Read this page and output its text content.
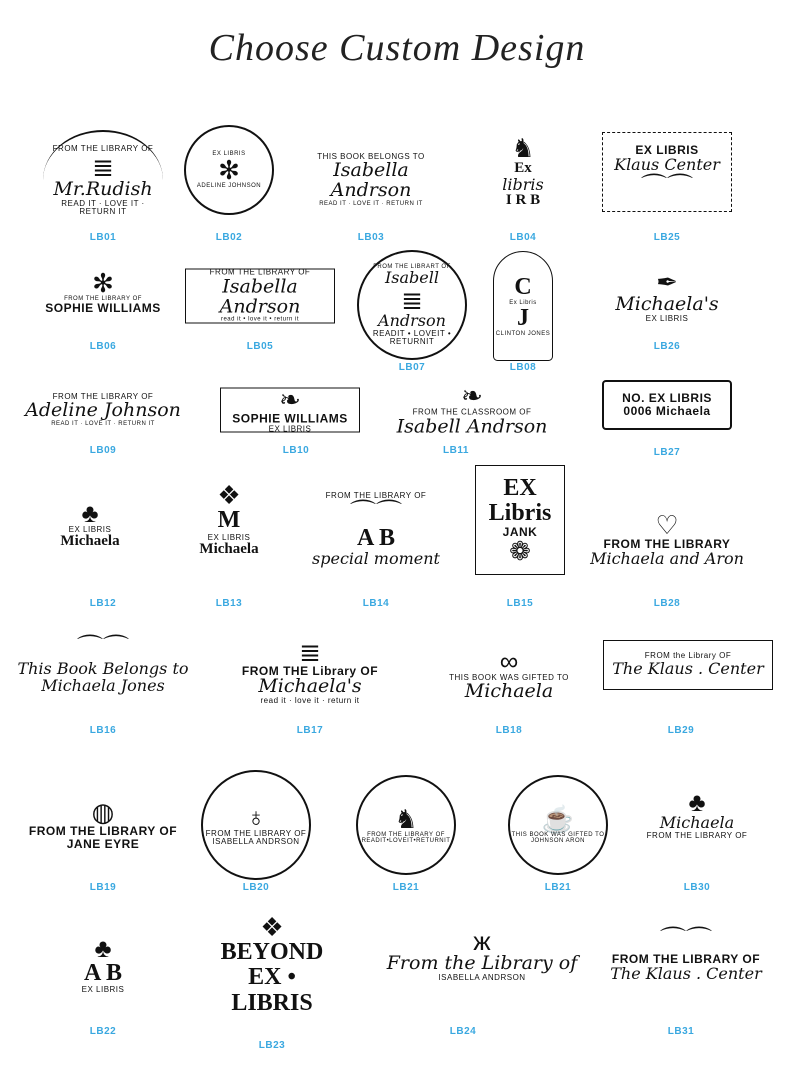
Choose Custom Design
FROM THE LIBRARY OF
≣
Mr.Rudish
READ IT · LOVE IT · RETURN IT
LB01
EX LIBRIS
✻
ADELINE JOHNSON
LB02
THIS BOOK BELONGS TO
Isabella Andrson
READ IT · LOVE IT · RETURN IT
LB03
♞
Ex
libris
I R B
LB04
EX LIBRIS
Klaus Center
⌒⌒
LB25
✻
FROM THE LIBRARY OF
SOPHIE WILLIAMS
LB06
FROM THE LIBRARY OF
Isabella Andrson
read it • love it • return it
LB05
FROM THE LIBRART OF
Isabell
≣
Andrson
READIT • LOVEIT • RETURNIT
LB07
C
Ex Libris
J
CLINTON JONES
LB08
✒
Michaela's
EX LIBRIS
LB26
FROM THE LIBRARY OF
Adeline Johnson
READ IT · LOVE IT · RETURN IT
LB09
❧
SOPHIE WILLIAMS
EX LIBRIS
LB10
❧
FROM THE CLASSROOM OF
Isabell Andrson
LB11
NO. EX LIBRIS
0006 Michaela
LB27
♣
EX LIBRIS
Michaela
LB12
❖
M
EX LIBRIS
Michaela
LB13
FROM THE LIBRARY OF
⌒⌒
A B
special moment
LB14
EX
Libris
JANK
❁
LB15
♡
FROM THE LIBRARY
Michaela and Aron
LB28
⌒⌒
This Book Belongs to
Michaela Jones
LB16
≣
FROM THE Library OF
Michaela's
read it · love it · return it
LB17
∞
THIS BOOK WAS GIFTED TO
Michaela
LB18
FROM the Library OF
The Klaus . Center
LB29
◍
FROM THE LIBRARY OF
JANE EYRE
LB19
♁
FROM THE LIBRARY OF
ISABELLA ANDRSON
LB20
♞
FROM THE LIBRARY OF
READIT•LOVEIT•RETURNIT
LB21
☕
THIS BOOK WAS GIFTED TO
JOHNSON ARON
LB21
♣
Michaela
FROM THE LIBRARY OF
LB30
♣
A B
EX LIBRIS
LB22
❖
BEYOND
EX • LIBRIS
LB23
ж
From the Library of
ISABELLA ANDRSON
LB24
⌒⌒
FROM THE LIBRARY OF
The Klaus . Center
LB31
